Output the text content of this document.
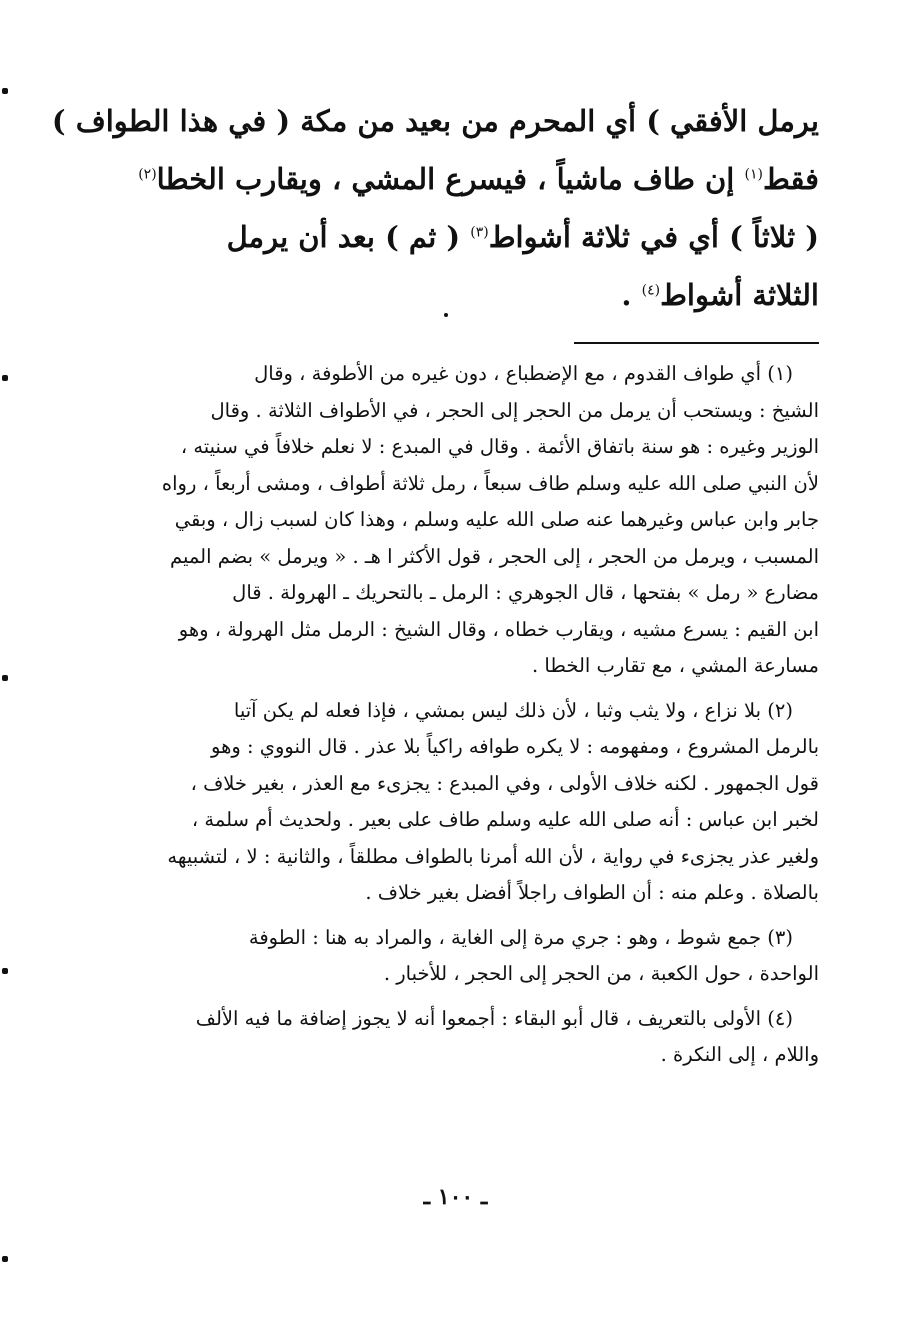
يرمل الأفقي ) أي المحرم من بعيد من مكة ( في هذا الطواف )
فقط$^{(١)}$ إن طاف ماشياً ، فيسرع المشي ، ويقارب الخطا$^{(٢)}$
( ثلاثاً ) أي في ثلاثة أشواط$^{(٣)}$ ( ثم ) بعد أن يرمل
الثلاثة أشواط$^{(٤)}$ .
(١) أي طواف القدوم ، مع الإضطباع ، دون غيره من الأطوفة ، وقال
الشيخ : ويستحب أن يرمل من الحجر إلى الحجر ، في الأطواف الثلاثة . وقال
الوزير وغيره : هو سنة باتفاق الأئمة . وقال في المبدع : لا نعلم خلافاً في سنيته ،
لأن النبي صلى الله عليه وسلم طاف سبعاً ، رمل ثلاثة أطواف ، ومشى أربعاً ، رواه
جابر وابن عباس وغيرهما عنه صلى الله عليه وسلم ، وهذا كان لسبب زال ، وبقي
المسبب ، ويرمل من الحجر ، إلى الحجر ، قول الأكثر ا هـ . « ويرمل » بضم الميم
مضارع « رمل » بفتحها ، قال الجوهري : الرمل ـ بالتحريك ـ الهرولة . قال
ابن القيم : يسرع مشيه ، ويقارب خطاه ، وقال الشيخ : الرمل مثل الهرولة ، وهو
مسارعة المشي ، مع تقارب الخطا .
(٢) بلا نزاع ، ولا يثب وثبا ، لأن ذلك ليس بمشي ، فإذا فعله لم يكن آتيا
بالرمل المشروع ، ومفهومه : لا يكره طوافه راكياً بلا عذر . قال النووي : وهو
قول الجمهور . لكنه خلاف الأولى ، وفي المبدع : يجزىء مع العذر ، بغير خلاف ،
لخبر ابن عباس : أنه صلى الله عليه وسلم طاف على بعير . ولحديث أم سلمة ،
ولغير عذر يجزىء في رواية ، لأن الله أمرنا بالطواف مطلقاً ، والثانية : لا ، لتشبيهه
بالصلاة . وعلم منه : أن الطواف راجلاً أفضل بغير خلاف .
(٣) جمع شوط ، وهو : جري مرة إلى الغاية ، والمراد به هنا : الطوفة
الواحدة ، حول الكعبة ، من الحجر إلى الحجر ، للأخبار .
(٤) الأولى بالتعريف ، قال أبو البقاء : أجمعوا أنه لا يجوز إضافة ما فيه الألف
واللام ، إلى النكرة .
ـ ١٠٠ ـ
